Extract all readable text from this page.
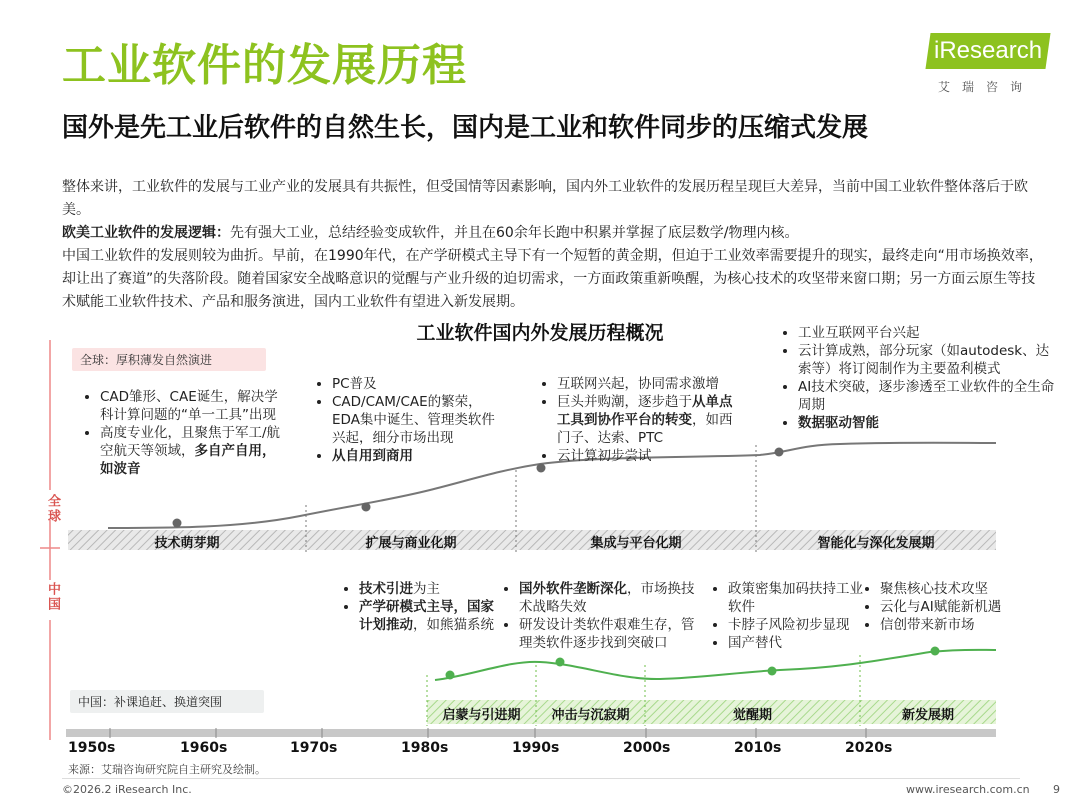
工业软件的发展历程
国外是先工业后软件的自然生长，国内是工业和软件同步的压缩式发展
iResearch
艾瑞咨询

整体来讲，工业软件的发展与工业产业的发展具有共振性，但受国情等因素影响，国内外工业软件的发展历程呈现巨大差异，当前中国工业软件整体落后于欧美。

欧美工业软件的发展逻辑：先有强大工业，总结经验变成软件，并且在60余年长跑中积累并掌握了底层数学/物理内核。

中国工业软件的发展则较为曲折。早前，在1990年代，在产学研模式主导下有一个短暂的黄金期，但迫于工业效率需要提升的现实，最终走向“用市场换效率，却让出了赛道”的失落阶段。随着国家安全战略意识的觉醒与产业升级的迫切需求，一方面政策重新唤醒，为核心技术的攻坚带来窗口期；另一方面云原生等技术赋能工业软件技术、产品和服务演进，国内工业软件有望进入新发展期。

工业软件国内外发展历程概况
全球：厚积薄发自然演进
中国：补课追赶、换道突围
全球
中国
• CAD雏形、CAE诞生，解决学科计算问题的“单一工具”出现
• 高度专业化，且聚焦于军工/航空航天等领域，多自产自用，如波音
• PC普及
• CAD/CAM/CAE的繁荣，EDA集中诞生、管理类软件兴起，细分市场出现
• 从自用到商用
• 互联网兴起，协同需求激增
• 巨头并购潮，逐步趋于从单点工具到协作平台的转变，如西门子、达索、PTC
• 云计算初步尝试
• 工业互联网平台兴起
• 云计算成熟，部分玩家（如autodesk、达索等）将订阅制作为主要盈利模式
• AI技术突破，逐步渗透至工业软件的全生命周期
• 数据驱动智能
技术萌芽期	扩展与商业化期	集成与平台化期	智能化与深化发展期
• 技术引进为主
• 产学研模式主导，国家计划推动，如熊猫系统
• 国外软件垄断深化，市场换技术战略失效
• 研发设计类软件艰难生存，管理类软件逐步找到突破口
• 政策密集加码扶持工业软件
• 卡脖子风险初步显现
• 国产替代
• 聚焦核心技术攻坚
• 云化与AI赋能新机遇
• 信创带来新市场
启蒙与引进期	冲击与沉寂期	觉醒期	新发展期
1950s	1960s	1970s	1980s	1990s	2000s	2010s	2020s
来源：艾瑞咨询研究院自主研究及绘制。
©2026.2 iResearch Inc.	www.iresearch.com.cn 9
